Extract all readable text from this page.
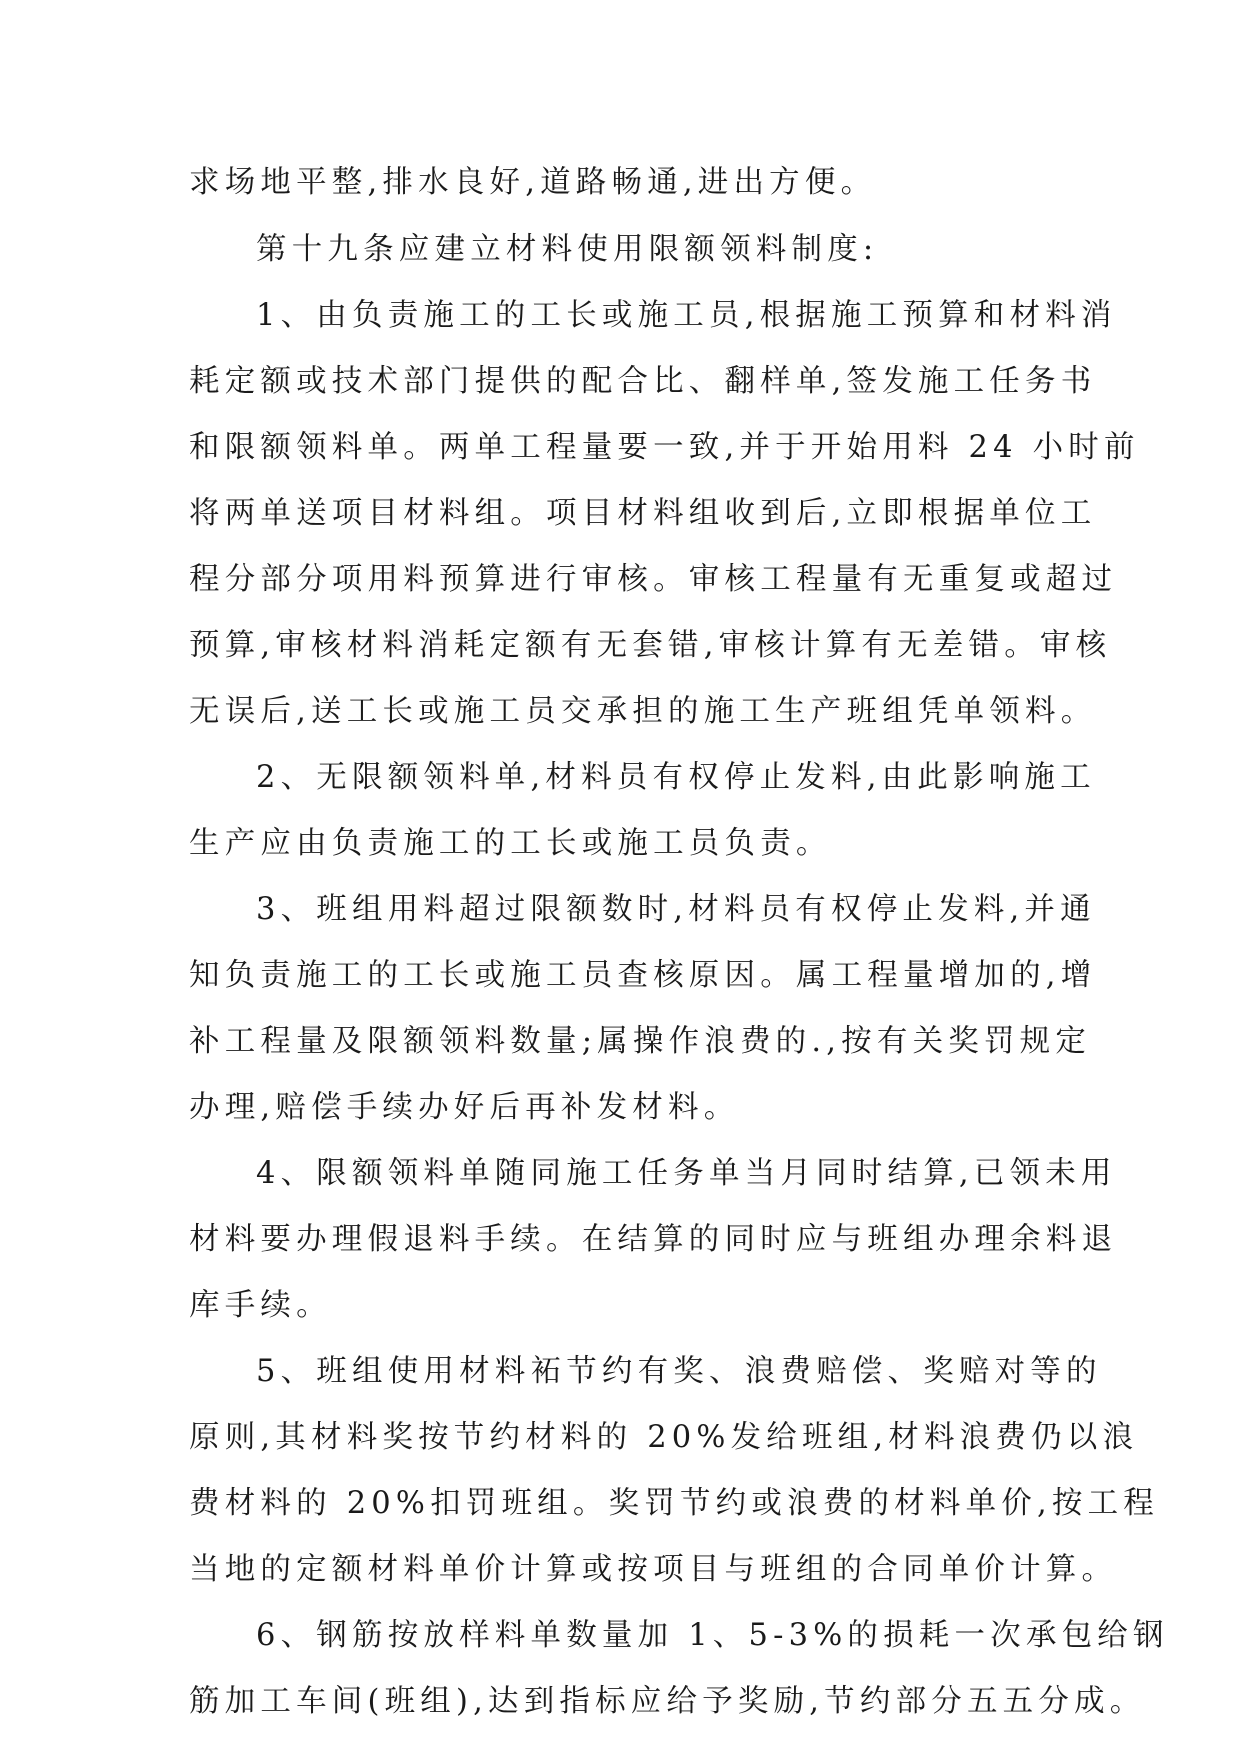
求场地平整,排水良好,道路畅通,进出方便。
第十九条应建立材料使用限额领料制度:
1、由负责施工的工长或施工员,根据施工预算和材料消
耗定额或技术部门提供的配合比、翻样单,签发施工任务书
和限额领料单。两单工程量要一致,并于开始用料 24 小时前
将两单送项目材料组。项目材料组收到后,立即根据单位工
程分部分项用料预算进行审核。审核工程量有无重复或超过
预算,审核材料消耗定额有无套错,审核计算有无差错。审核
无误后,送工长或施工员交承担的施工生产班组凭单领料。
2、无限额领料单,材料员有权停止发料,由此影响施工
生产应由负责施工的工长或施工员负责。
3、班组用料超过限额数时,材料员有权停止发料,并通
知负责施工的工长或施工员查核原因。属工程量增加的,增
补工程量及限额领料数量;属操作浪费的.,按有关奖罚规定
办理,赔偿手续办好后再补发材料。
4、限额领料单随同施工任务单当月同时结算,已领未用
材料要办理假退料手续。在结算的同时应与班组办理余料退
库手续。
5、班组使用材料袥节约有奖、浪费赔偿、奖赔对等的
原则,其材料奖按节约材料的 20%发给班组,材料浪费仍以浪
费材料的 20%扣罚班组。奖罚节约或浪费的材料单价,按工程
当地的定额材料单价计算或按项目与班组的合同单价计算。
6、钢筋按放样料单数量加 1、5-3%的损耗一次承包给钢
筋加工车间(班组),达到指标应给予奖励,节约部分五五分成。
